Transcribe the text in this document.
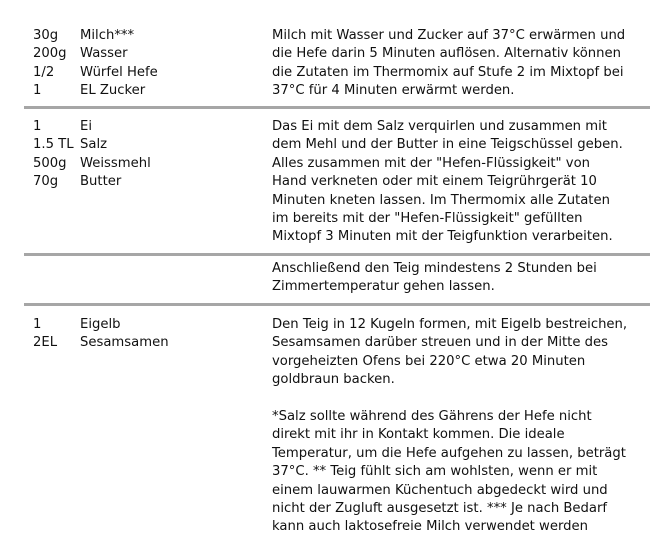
30g	Milch***
200g	Wasser
1/2	Würfel Hefe
1	EL Zucker

Milch mit Wasser und Zucker auf 37°C erwärmen und die Hefe darin 5 Minuten auflösen. Alternativ können die Zutaten im Thermomix auf Stufe 2 im Mixtopf bei 37°C für 4 Minuten erwärmt werden.

1	Ei
1.5 TL Salz
500g	Weissmehl
70g	Butter

Das Ei mit dem Salz verquirlen und zusammen mit dem Mehl und der Butter in eine Teigschüssel geben. Alles zusammen mit der "Hefen-Flüssigkeit" von Hand verkneten oder mit einem Teigrührgerät 10 Minuten kneten lassen. Im Thermomix alle Zutaten im bereits mit der "Hefen-Flüssigkeit" gefüllten Mixtopf 3 Minuten mit der Teigfunktion verarbeiten.

Anschließend den Teig mindestens 2 Stunden bei Zimmertemperatur gehen lassen.

1	Eigelb
2EL	Sesamsamen

Den Teig in 12 Kugeln formen, mit Eigelb bestreichen, Sesamsamen darüber streuen und in der Mitte des vorgeheizten Ofens bei 220°C etwa 20 Minuten goldbraun backen.

*Salz sollte während des Gährens der Hefe nicht direkt mit ihr in Kontakt kommen. Die ideale Temperatur, um die Hefe aufgehen zu lassen, beträgt 37°C. ** Teig fühlt sich am wohlsten, wenn er mit einem lauwarmen Küchentuch abgedeckt wird und nicht der Zugluft ausgesetzt ist. *** Je nach Bedarf kann auch laktosefreie Milch verwendet werden
